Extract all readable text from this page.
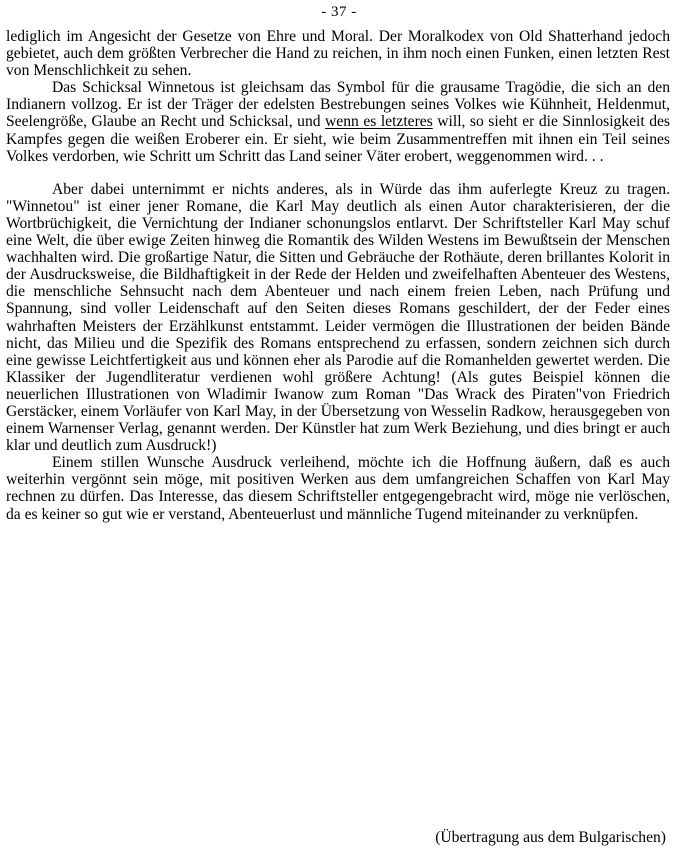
- 37 -

lediglich im Angesicht der Gesetze von Ehre und Moral. Der Moralkodex von Old Shatterhand jedoch gebietet, auch dem größten Verbrecher die Hand zu reichen, in ihm noch einen Funken, einen letzten Rest von Menschlichkeit zu sehen.

Das Schicksal Winnetous ist gleichsam das Symbol für die grausame Tragödie, die sich an den Indianern vollzog. Er ist der Träger der edelsten Bestrebungen seines Volkes wie Kühnheit, Heldenmut, Seelengröße, Glaube an Recht und Schicksal, und wenn es letzteres will, so sieht er die Sinnlosigkeit des Kampfes gegen die weißen Eroberer ein. Er sieht, wie beim Zusammentreffen mit ihnen ein Teil seines Volkes verdorben, wie Schritt um Schritt das Land seiner Väter erobert, weggenommen wird. . .

Aber dabei unternimmt er nichts anderes, als in Würde das ihm auferlegte Kreuz zu tragen. "Winnetou" ist einer jener Romane, die Karl May deutlich als einen Autor charakterisieren, der die Wortbrüchigkeit, die Vernichtung der Indianer schonungslos entlarvt. Der Schriftsteller Karl May schuf eine Welt, die über ewige Zeiten hinweg die Romantik des Wilden Westens im Bewußtsein der Menschen wachhalten wird. Die großartige Natur, die Sitten und Gebräuche der Rothäute, deren brillantes Kolorit in der Ausdrucksweise, die Bildhaftigkeit in der Rede der Helden und zweifelhaften Abenteuer des Westens, die menschliche Sehnsucht nach dem Abenteuer und nach einem freien Leben, nach Prüfung und Spannung, sind voller Leidenschaft auf den Seiten dieses Romans geschildert, der der Feder eines wahrhaften Meisters der Erzählkunst entstammt. Leider vermögen die Illustrationen der beiden Bände nicht, das Milieu und die Spezifik des Romans entsprechend zu erfassen, sondern zeichnen sich durch eine gewisse Leichtfertigkeit aus und können eher als Parodie auf die Romanhelden gewertet werden. Die Klassiker der Jugendliteratur verdienen wohl größere Achtung! (Als gutes Beispiel können die neuerlichen Illustrationen von Wladimir Iwanow zum Roman "Das Wrack des Piraten"von Friedrich Gerstäcker, einem Vorläufer von Karl May, in der Übersetzung von Wesselin Radkow, herausgegeben von einem Warnenser Verlag, genannt werden. Der Künstler hat zum Werk Beziehung, und dies bringt er auch klar und deutlich zum Ausdruck!)

Einem stillen Wunsche Ausdruck verleihend, möchte ich die Hoffnung äußern, daß es auch weiterhin vergönnt sein möge, mit positiven Werken aus dem umfangreichen Schaffen von Karl May rechnen zu dürfen. Das Interesse, das diesem Schriftsteller entgegengebracht wird, möge nie verlöschen, da es keiner so gut wie er verstand, Abenteuerlust und männliche Tugend miteinander zu verknüpfen.

(Übertragung aus dem Bulgarischen)
